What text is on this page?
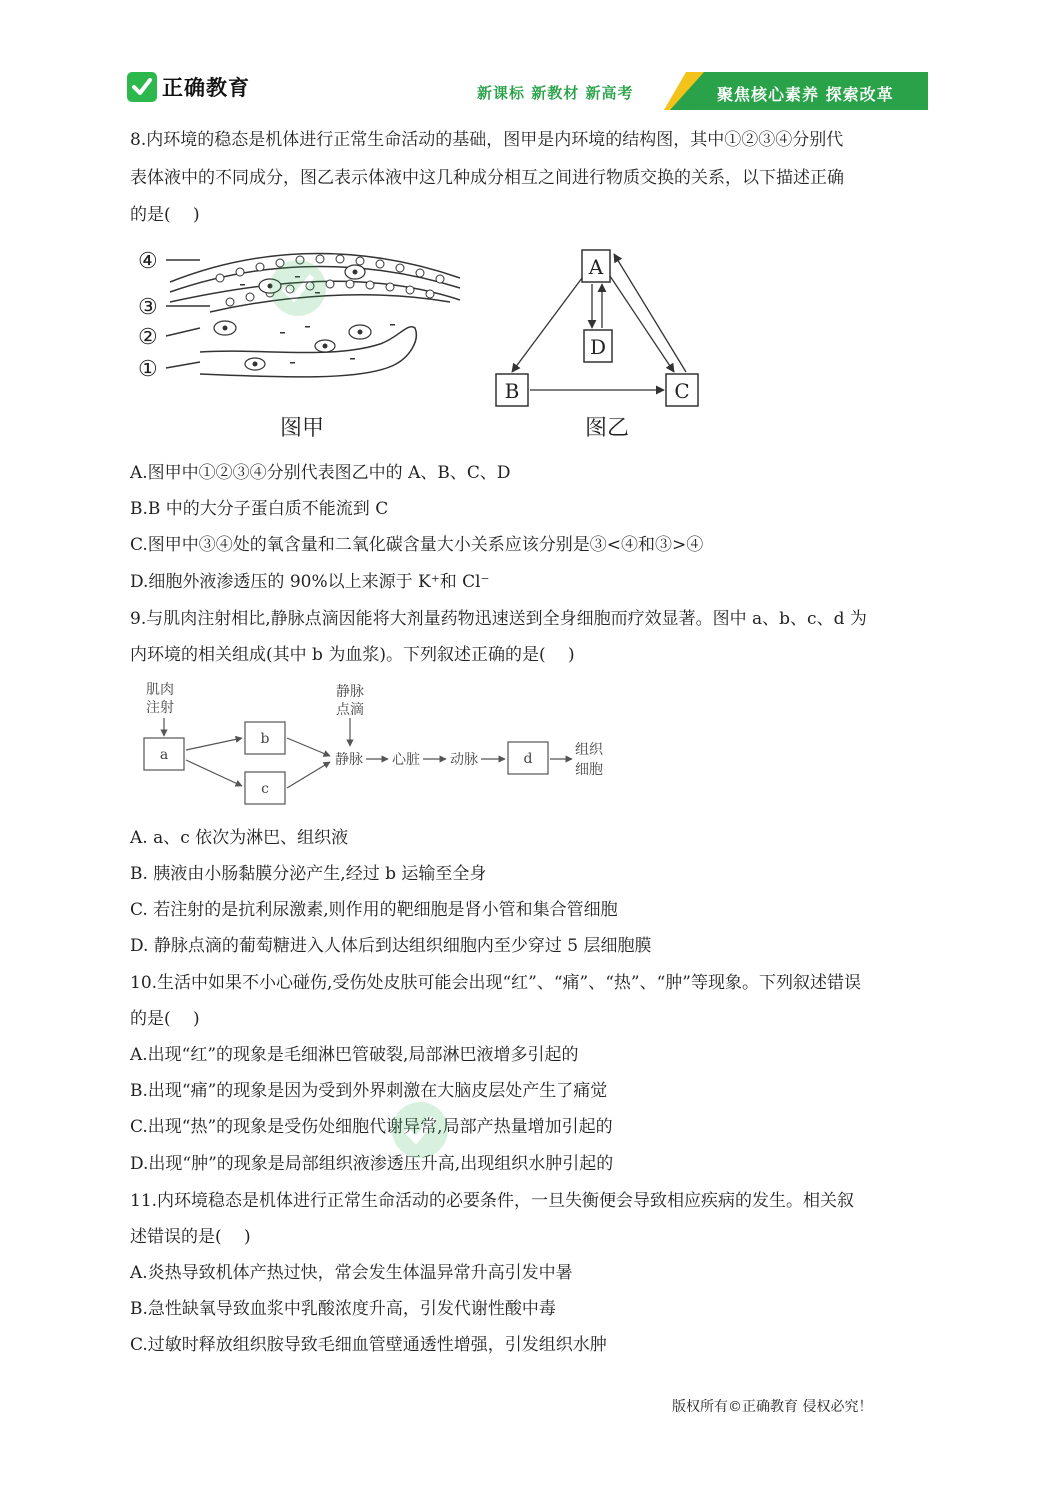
正确教育	新课标 新教材 新高考	聚焦核心素养 探索改革
8.内环境的稳态是机体进行正常生命活动的基础，图甲是内环境的结构图，其中①②③④分别代
表体液中的不同成分，图乙表示体液中这几种成分相互之间进行物质交换的关系，以下描述正确
的是(　 )
④
③
②
①
图甲
A
D
B	C
图乙
A.图甲中①②③④分别代表图乙中的 A、B、C、D
B.B 中的大分子蛋白质不能流到 C
C.图甲中③④处的氧含量和二氧化碳含量大小关系应该分别是③<④和③>④
D.细胞外液渗透压的 90%以上来源于 K⁺和 Cl⁻
9.与肌肉注射相比,静脉点滴因能将大剂量药物迅速送到全身细胞而疗效显著。图中 a、b、c、d 为
内环境的相关组成(其中 b 为血浆)。下列叙述正确的是(　 )
肌肉
注射
静脉
点滴
静脉 心脏 动脉
组织
细胞
a
b
c
d
A. a、c 依次为淋巴、组织液
B. 胰液由小肠黏膜分泌产生,经过 b 运输至全身
C. 若注射的是抗利尿激素,则作用的靶细胞是肾小管和集合管细胞
D. 静脉点滴的葡萄糖进入人体后到达组织细胞内至少穿过 5 层细胞膜
10.生活中如果不小心碰伤,受伤处皮肤可能会出现“红”、“痛”、“热”、“肿”等现象。下列叙述错误
的是(　 )
A.出现“红”的现象是毛细淋巴管破裂,局部淋巴液增多引起的
B.出现“痛”的现象是因为受到外界刺激在大脑皮层处产生了痛觉
C.出现“热”的现象是受伤处细胞代谢异常,局部产热量增加引起的
D.出现“肿”的现象是局部组织液渗透压升高,出现组织水肿引起的
11.内环境稳态是机体进行正常生命活动的必要条件，一旦失衡便会导致相应疾病的发生。相关叙
述错误的是(　 )
A.炎热导致机体产热过快，常会发生体温异常升高引发中暑
B.急性缺氧导致血浆中乳酸浓度升高，引发代谢性酸中毒
C.过敏时释放组织胺导致毛细血管壁通透性增强，引发组织水肿
版权所有©正确教育 侵权必究！
